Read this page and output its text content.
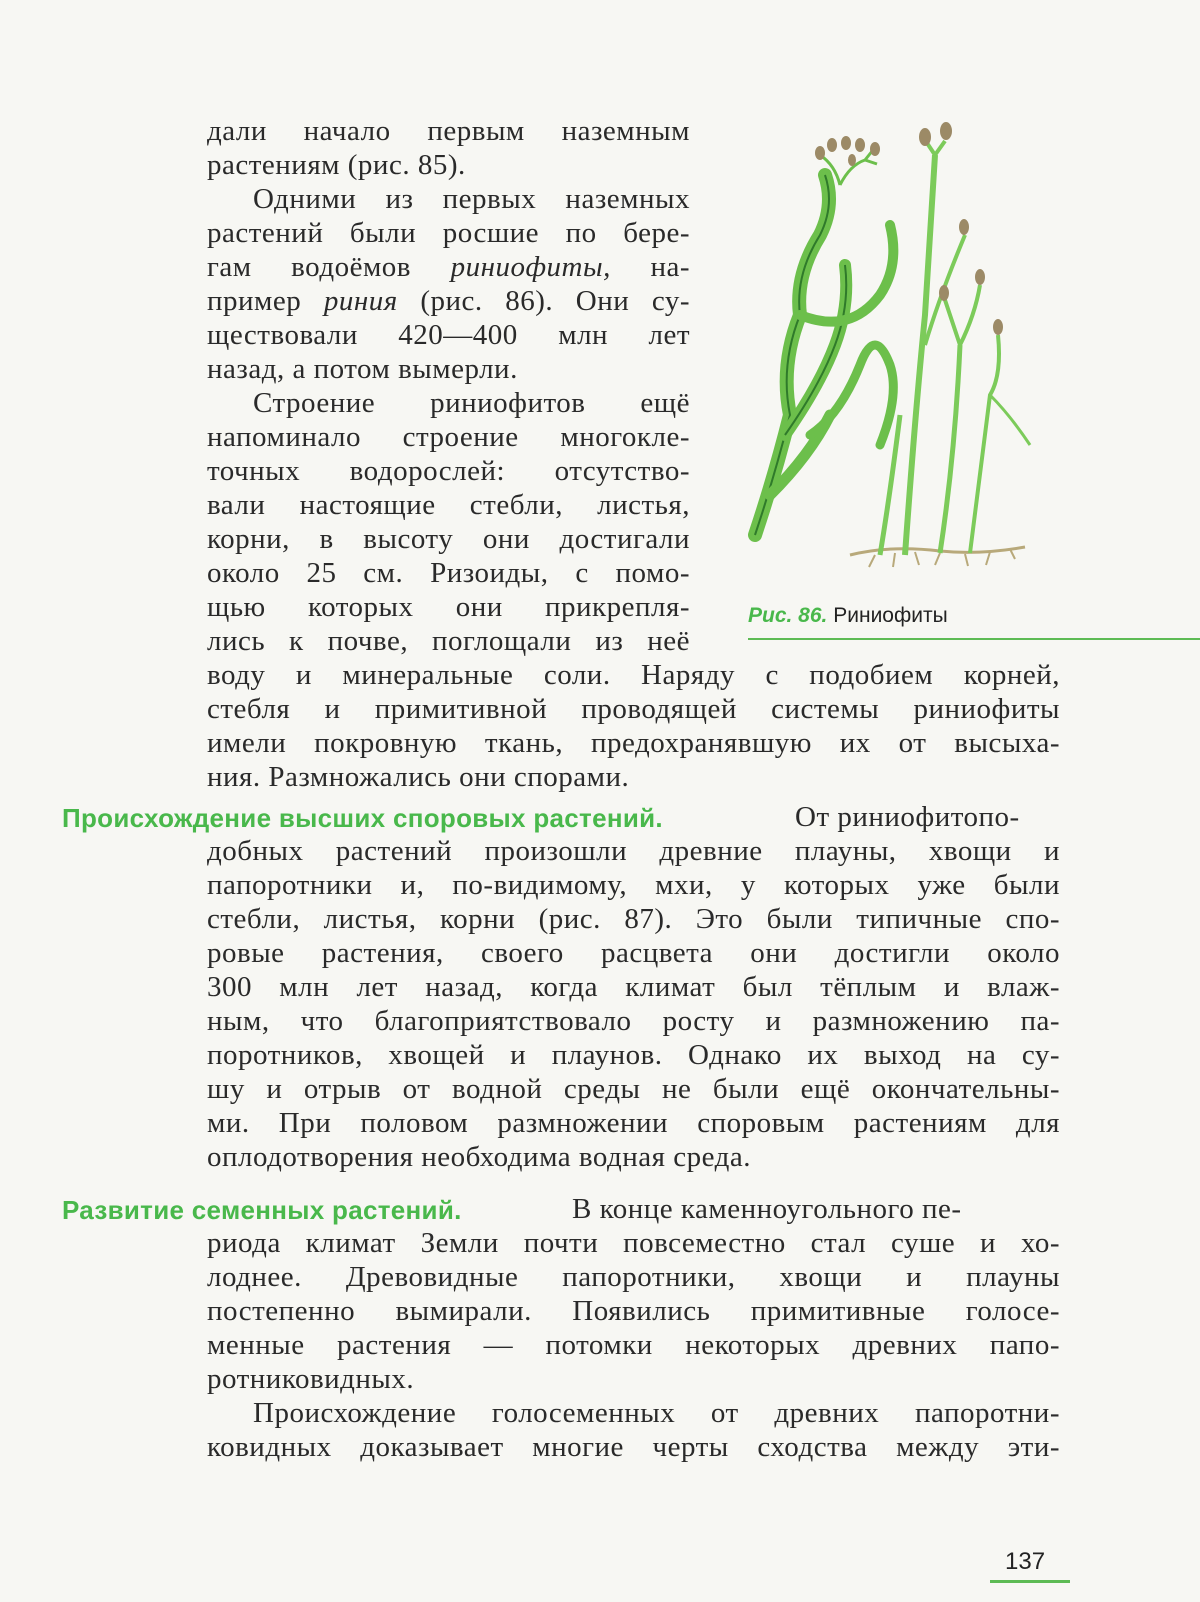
дали начало первым наземным

растениям (рис. 85).

Одними из первых наземных

растений были росшие по бере-

гам водоёмов риниофиты, на-

пример риния (рис. 86). Они су-

ществовали 420—400 млн лет

назад, а потом вымерли.

Строение риниофитов ещё

напоминало строение многокле-

точных водорослей: отсутство-

вали настоящие стебли, листья,

корни, в высоту они достигали

около 25 см. Ризоиды, с помо-

щью которых они прикрепля-

лись к почве, поглощали из неё

воду и минеральные соли. Наряду с подобием корней,

стебля и примитивной проводящей системы риниофиты

имели покровную ткань, предохранявшую их от высыха-

ния. Размножались они спорами.

Рис. 86. Риниофиты
Происхождение высших споровых растений.	От риниофитопо-

добных растений произошли древние плауны, хвощи и

папоротники и, по-видимому, мхи, у которых уже были

стебли, листья, корни (рис. 87). Это были типичные спо-

ровые растения, своего расцвета они достигли около

300 млн лет назад, когда климат был тёплым и влаж-

ным, что благоприятствовало росту и размножению па-

поротников, хвощей и плаунов. Однако их выход на су-

шу и отрыв от водной среды не были ещё окончательны-

ми. При половом размножении споровым растениям для

оплодотворения необходима водная среда.

Развитие семенных растений.	В конце каменноугольного пе-

риода климат Земли почти повсеместно стал суше и хо-

лоднее. Древовидные папоротники, хвощи и плауны

постепенно вымирали. Появились примитивные голосе-

менные растения — потомки некоторых древних папо-

ротниковидных.

Происхождение голосеменных от древних папоротни-

ковидных доказывает многие черты сходства между эти-

137
